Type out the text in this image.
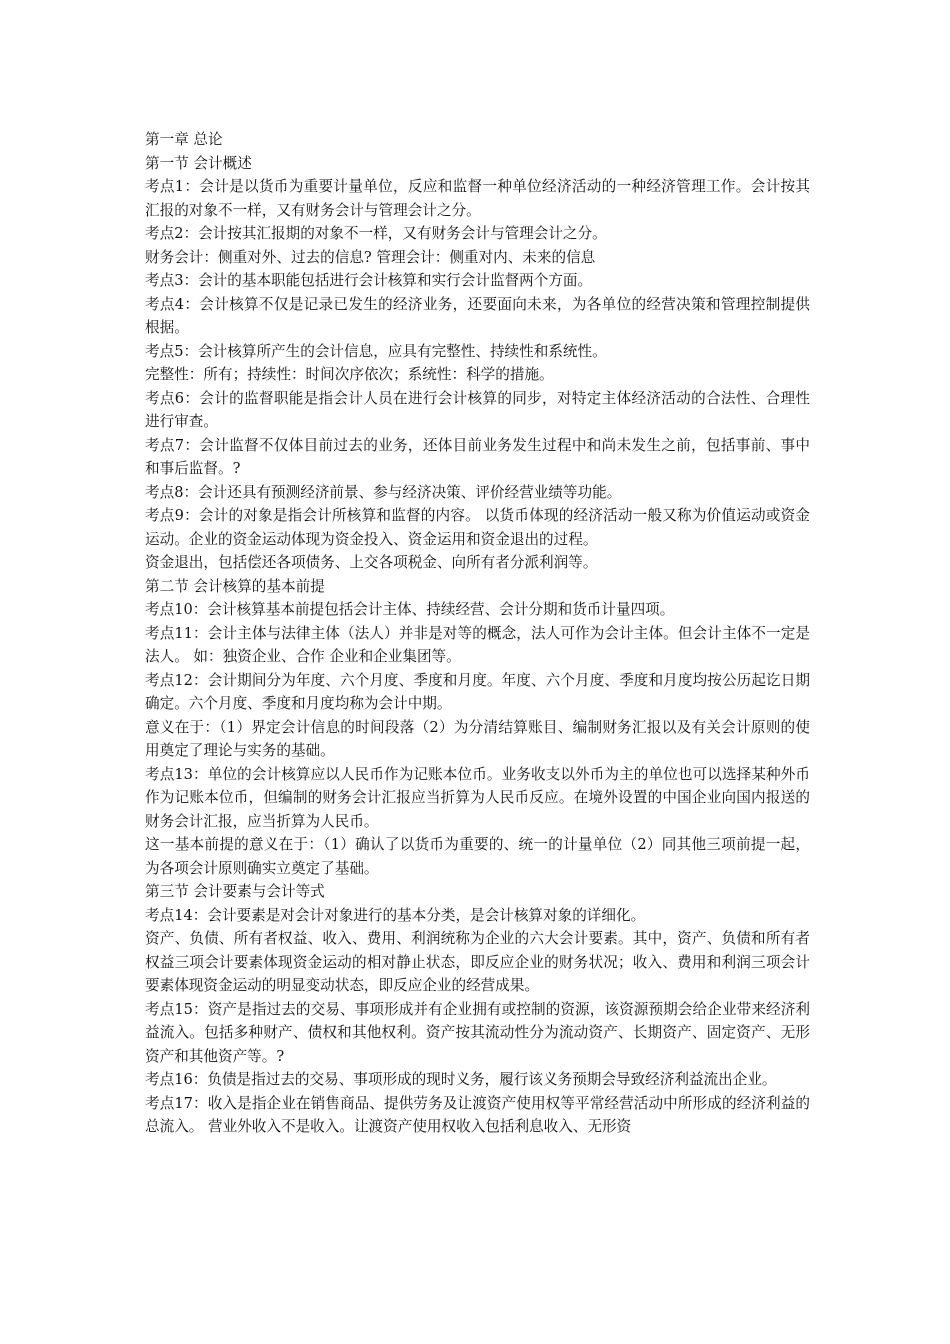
第一章 总论

第一节 会计概述

考点1：会计是以货币为重要计量单位，反应和监督一种单位经济活动的一种经济管理工作。会计按其汇报的对象不一样，又有财务会计与管理会计之分。

考点2：会计按其汇报期的对象不一样，又有财务会计与管理会计之分。

财务会计：侧重对外、过去的信息? 管理会计：侧重对内、未来的信息

考点3：会计的基本职能包括进行会计核算和实行会计监督两个方面。

考点4：会计核算不仅是记录已发生的经济业务，还要面向未来，为各单位的经营决策和管理控制提供根据。

考点5：会计核算所产生的会计信息，应具有完整性、持续性和系统性。

完整性：所有；持续性：时间次序依次；系统性：科学的措施。

考点6：会计的监督职能是指会计人员在进行会计核算的同步，对特定主体经济活动的合法性、合理性进行审查。

考点7：会计监督不仅体目前过去的业务，还体目前业务发生过程中和尚未发生之前，包括事前、事中和事后监督。?

考点8：会计还具有预测经济前景、参与经济决策、评价经营业绩等功能。

考点9：会计的对象是指会计所核算和监督的内容。 以货币体现的经济活动一般又称为价值运动或资金运动。企业的资金运动体现为资金投入、资金运用和资金退出的过程。

资金退出，包括偿还各项债务、上交各项税金、向所有者分派利润等。

第二节 会计核算的基本前提

考点10：会计核算基本前提包括会计主体、持续经营、会计分期和货币计量四项。

考点11：会计主体与法律主体（法人）并非是对等的概念，法人可作为会计主体。但会计主体不一定是法人。 如：独资企业、合作 企业和企业集团等。

考点12：会计期间分为年度、六个月度、季度和月度。年度、六个月度、季度和月度均按公历起讫日期确定。六个月度、季度和月度均称为会计中期。

意义在于：（1）界定会计信息的时间段落（2）为分清结算账目、编制财务汇报以及有关会计原则的使用奠定了理论与实务的基础。

考点13：单位的会计核算应以人民币作为记账本位币。业务收支以外币为主的单位也可以选择某种外币作为记账本位币，但编制的财务会计汇报应当折算为人民币反应。在境外设置的中国企业向国内报送的财务会计汇报，应当折算为人民币。

这一基本前提的意义在于：（1）确认了以货币为重要的、统一的计量单位（2）同其他三项前提一起，为各项会计原则确实立奠定了基础。

第三节 会计要素与会计等式

考点14：会计要素是对会计对象进行的基本分类，是会计核算对象的详细化。

资产、负债、所有者权益、收入、费用、利润统称为企业的六大会计要素。其中，资产、负债和所有者权益三项会计要素体现资金运动的相对静止状态，即反应企业的财务状况；收入、费用和利润三项会计要素体现资金运动的明显变动状态，即反应企业的经营成果。

考点15：资产是指过去的交易、事项形成并有企业拥有或控制的资源，该资源预期会给企业带来经济利益流入。包括多种财产、债权和其他权利。资产按其流动性分为流动资产、长期资产、固定资产、无形资产和其他资产等。?

考点16：负债是指过去的交易、事项形成的现时义务，履行该义务预期会导致经济利益流出企业。

考点17：收入是指企业在销售商品、提供劳务及让渡资产使用权等平常经营活动中所形成的经济利益的总流入。 营业外收入不是收入。让渡资产使用权收入包括利息收入、无形资
